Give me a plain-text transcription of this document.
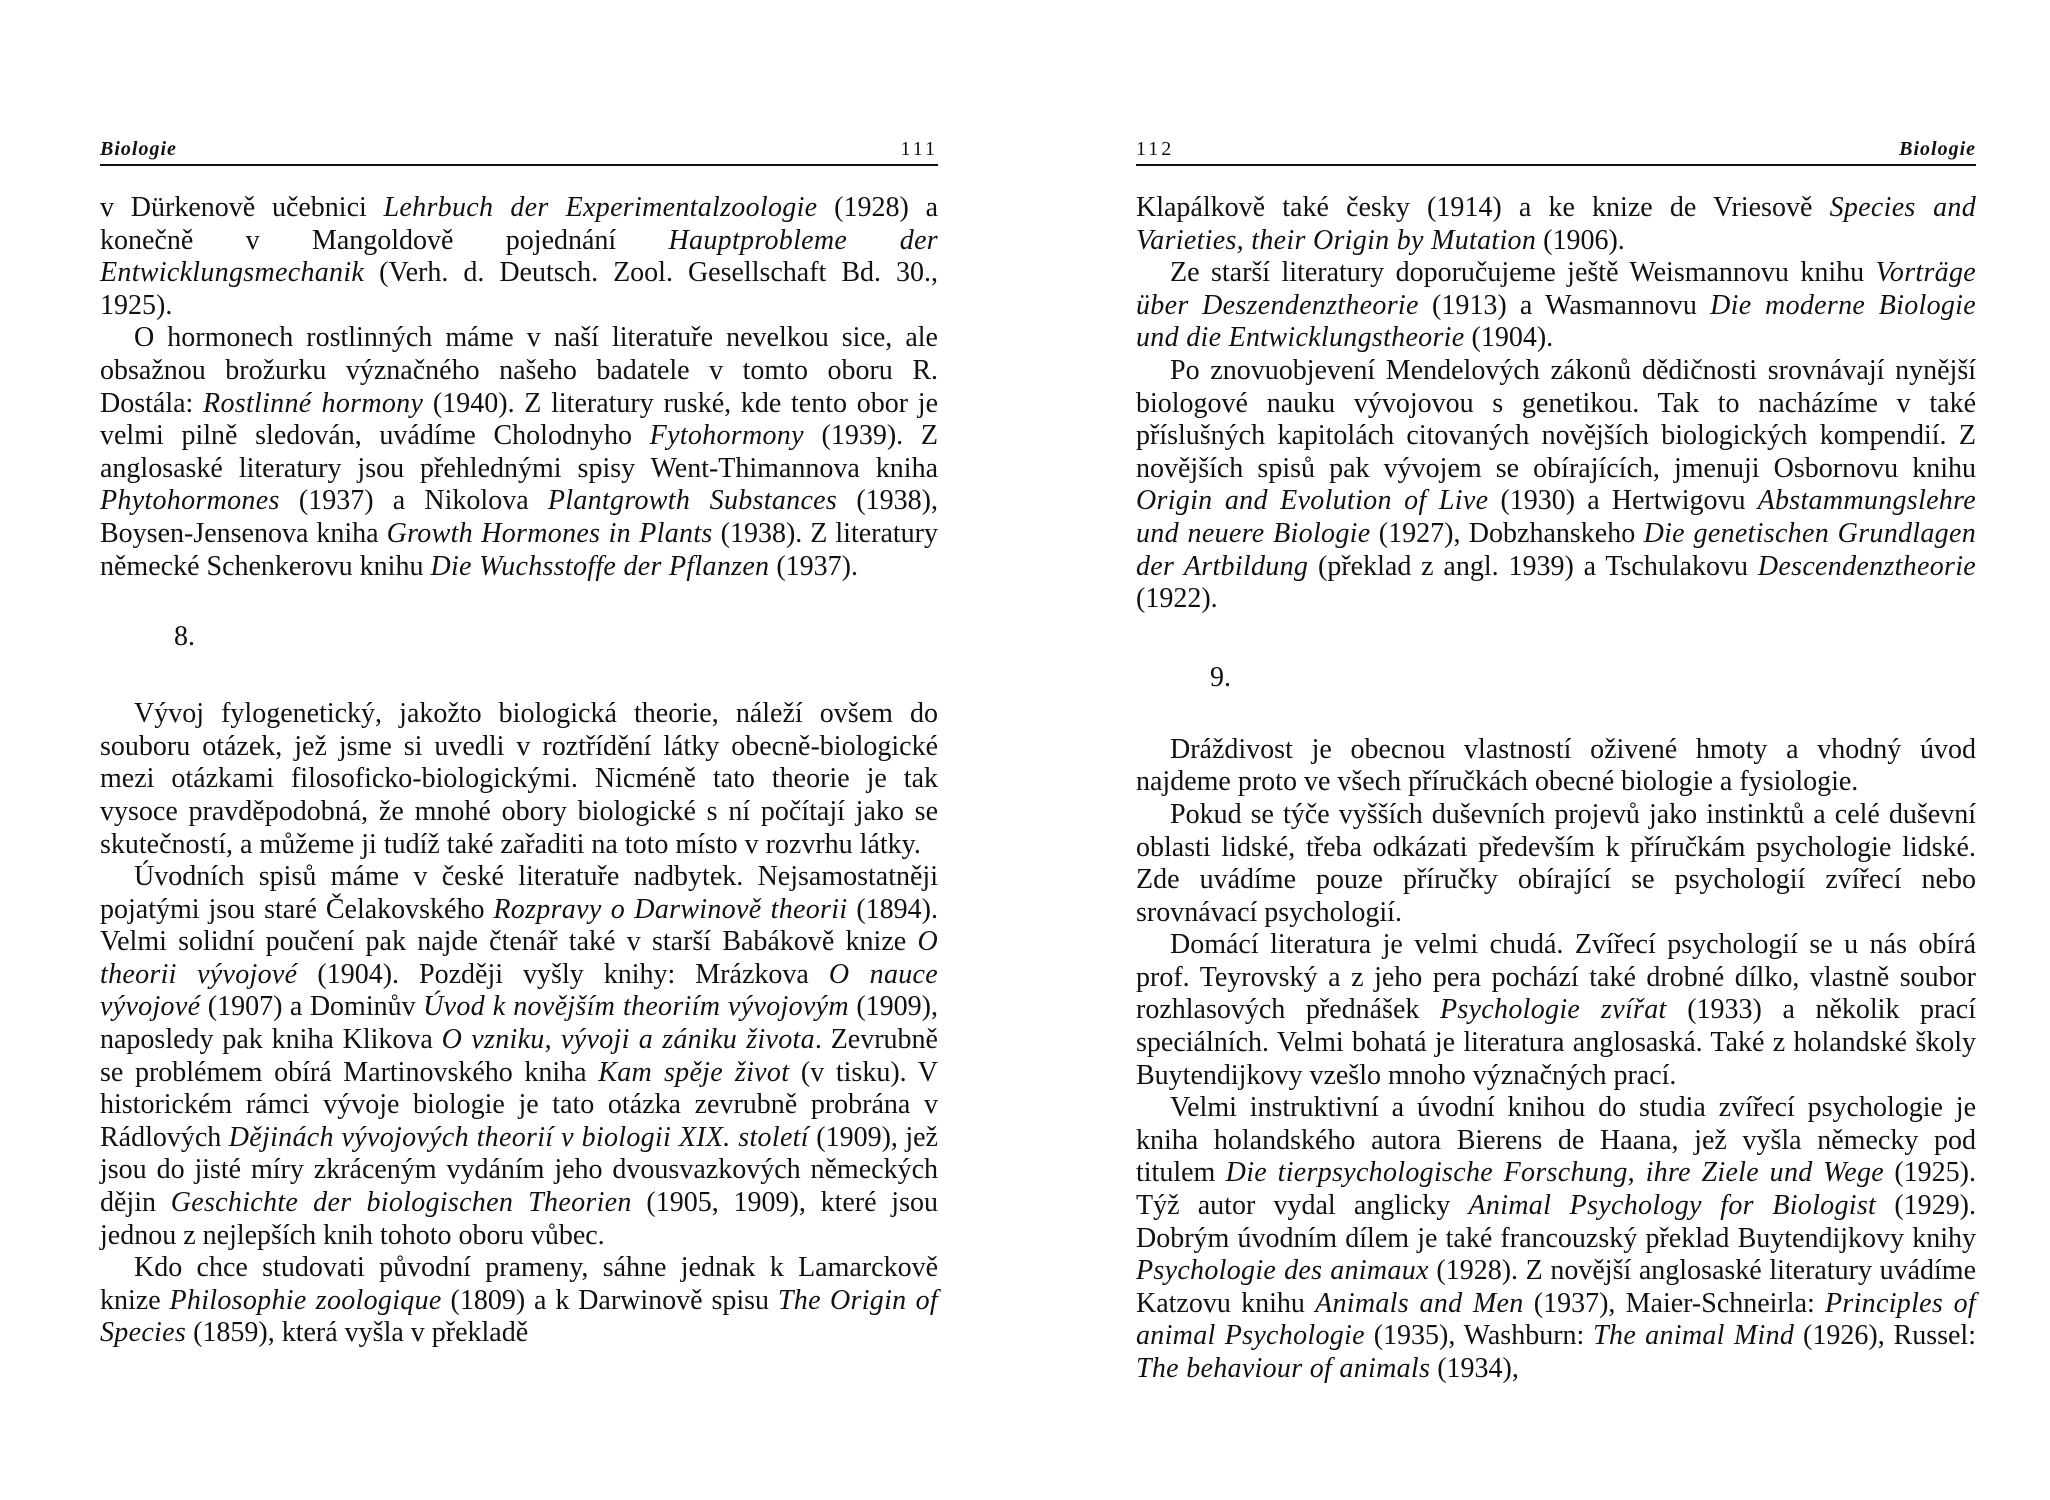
Biologie	111

v Dürkenově učebnici Lehrbuch der Experimentalzoologie (1928) a konečně v Mangoldově pojednání Hauptprobleme der Entwicklungsmechanik (Verh. d. Deutsch. Zool. Gesellschaft Bd. 30., 1925).

O hormonech rostlinných máme v naší literatuře nevelkou sice, ale obsažnou brožurku význačného našeho badatele v tomto oboru R. Dostála: Rostlinné hormony (1940). Z literatury ruské, kde tento obor je velmi pilně sledován, uvádíme Cholodnyho Fytohormony (1939). Z anglosaské literatury jsou přehlednými spisy Went-Thimannova kniha Phytohormones (1937) a Nikolova Plantgrowth Substances (1938), Boysen-Jensenova kniha Growth Hormones in Plants (1938). Z literatury německé Schenkerovu knihu Die Wuchsstoffe der Pflanzen (1937).

8.

Vývoj fylogenetický, jakožto biologická theorie, náleží ovšem do souboru otázek, jež jsme si uvedli v roztřídění látky obecně-biologické mezi otázkami filosoficko-biologickými. Nicméně tato theorie je tak vysoce pravděpodobná, že mnohé obory biologické s ní počítají jako se skutečností, a můžeme ji tudíž také zařaditi na toto místo v rozvrhu látky.

Úvodních spisů máme v české literatuře nadbytek. Nejsamostatněji pojatými jsou staré Čelakovského Rozpravy o Darwinově theorii (1894). Velmi solidní poučení pak najde čtenář také v starší Babákově knize O theorii vývojové (1904). Později vyšly knihy: Mrázkova O nauce vývojové (1907) a Dominův Úvod k novějším theoriím vývojovým (1909), naposledy pak kniha Klikova O vzniku, vývoji a zániku života. Zevrubně se problémem obírá Martinovského kniha Kam spěje život (v tisku). V historickém rámci vývoje biologie je tato otázka zevrubně probrána v Rádlových Dějinách vývojových theorií v biologii XIX. století (1909), jež jsou do jisté míry zkráceným vydáním jeho dvousvazkových německých dějin Geschichte der biologischen Theorien (1905, 1909), které jsou jednou z nejlepších knih tohoto oboru vůbec.

Kdo chce studovati původní prameny, sáhne jednak k Lamarckově knize Philosophie zoologique (1809) a k Darwinově spisu The Origin of Species (1859), která vyšla v překladě

112	Biologie

Klapálkově také česky (1914) a ke knize de Vriesově Species and Varieties, their Origin by Mutation (1906).

Ze starší literatury doporučujeme ještě Weismannovu knihu Vorträge über Deszendenztheorie (1913) a Wasmannovu Die moderne Biologie und die Entwicklungstheorie (1904).

Po znovuobjevení Mendelových zákonů dědičnosti srovnávají nynější biologové nauku vývojovou s genetikou. Tak to nacházíme v také příslušných kapitolách citovaných novějších biologických kompendií. Z novějších spisů pak vývojem se obírajících, jmenuji Osbornovu knihu Origin and Evolution of Live (1930) a Hertwigovu Abstammungslehre und neuere Biologie (1927), Dobzhanskeho Die genetischen Grundlagen der Artbildung (překlad z angl. 1939) a Tschulakovu Descendenztheorie (1922).

9.

Dráždivost je obecnou vlastností oživené hmoty a vhodný úvod najdeme proto ve všech příručkách obecné biologie a fysiologie.

Pokud se týče vyšších duševních projevů jako instinktů a celé duševní oblasti lidské, třeba odkázati především k příručkám psychologie lidské. Zde uvádíme pouze příručky obírající se psychologií zvířecí nebo srovnávací psychologií.

Domácí literatura je velmi chudá. Zvířecí psychologií se u nás obírá prof. Teyrovský a z jeho pera pochází také drobné dílko, vlastně soubor rozhlasových přednášek Psychologie zvířat (1933) a několik prací speciálních. Velmi bohatá je literatura anglosaská. Také z holandské školy Buytendijkovy vzešlo mnoho význačných prací.

Velmi instruktivní a úvodní knihou do studia zvířecí psychologie je kniha holandského autora Bierens de Haana, jež vyšla německy pod titulem Die tierpsychologische Forschung, ihre Ziele und Wege (1925). Týž autor vydal anglicky Animal Psychology for Biologist (1929). Dobrým úvodním dílem je také francouzský překlad Buytendijkovy knihy Psychologie des animaux (1928). Z novější anglosaské literatury uvádíme Katzovu knihu Animals and Men (1937), Maier-Schneirla: Principles of animal Psychologie (1935), Washburn: The animal Mind (1926), Russel: The behaviour of animals (1934),
